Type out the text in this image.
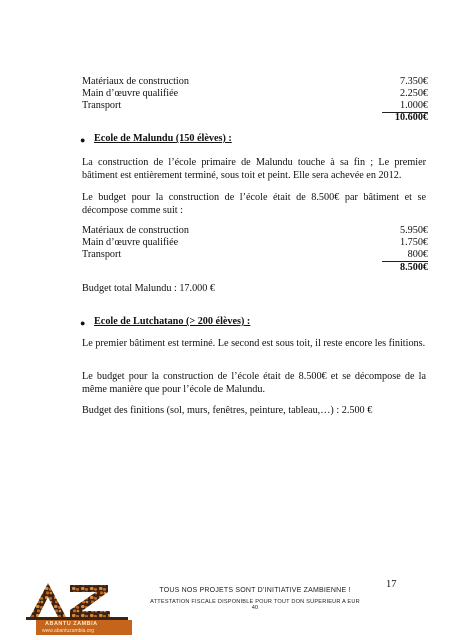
Matériaux de construction	7.350€
Main d’œuvre qualifiée	2.250€
Transport	1.000€
10.600€
● Ecole de Malundu (150 élèves) :
La construction de l’école primaire de Malundu touche à sa fin ; Le premier bâtiment est entièrement terminé, sous toit et peint. Elle sera achevée en 2012.
Le budget pour la construction de l’école était de 8.500€ par bâtiment et se décompose comme suit :
Matériaux de construction	5.950€
Main d’œuvre qualifiée	1.750€
Transport	800€
8.500€
Budget total Malundu : 17.000 €
● Ecole de Lutchatano (> 200 élèves) :
Le premier bâtiment est terminé. Le second est sous toit, il reste encore les finitions.
Le budget pour la construction de l’école était de 8.500€ et se décompose de la même manière que pour l’école de Malundu.
Budget des finitions (sol, murs, fenêtres, peinture, tableau,…) : 2.500 €
17
TOUS NOS PROJETS SONT D’INITIATIVE ZAMBIENNE !
ATTESTATION FISCALE DISPONIBLE POUR TOUT DON SUPERIEUR A EUR 40
ABANTU ZAMBIA
www.abantuzambia.org
